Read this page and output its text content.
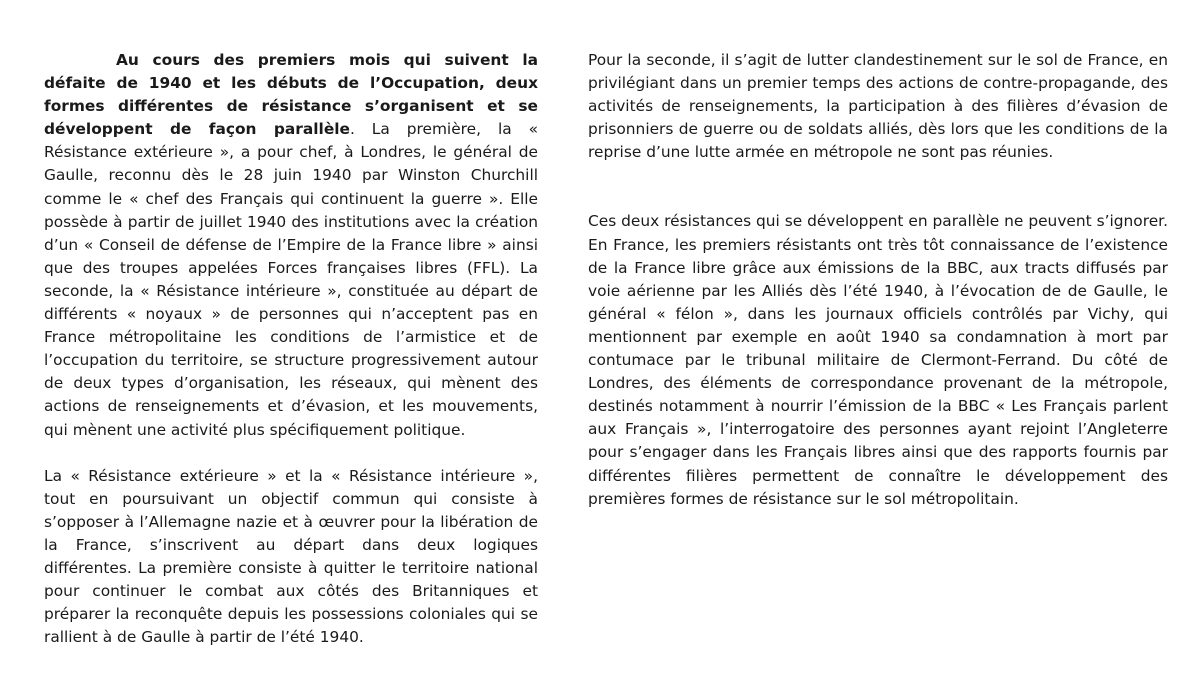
Au cours des premiers mois qui suivent la défaite de 1940 et les débuts de l’Occupation, deux formes différentes de résistance s’organisent et se développent de façon parallèle. La première, la « Résistance extérieure », a pour chef, à Londres, le général de Gaulle, reconnu dès le 28 juin 1940 par Winston Churchill comme le « chef des Français qui continuent la guerre ». Elle possède à partir de juillet 1940 des institutions avec la création d’un « Conseil de défense de l’Empire de la France libre » ainsi que des troupes appelées Forces françaises libres (FFL). La seconde, la « Résistance intérieure », constituée au départ de différents « noyaux » de personnes qui n’acceptent pas en France métropolitaine les conditions de l’armistice et de l’occupation du territoire, se structure progressivement autour de deux types d’organisation, les réseaux, qui mènent des actions de renseignements et d’évasion, et les mouvements, qui mènent une activité plus spécifiquement politique.

La « Résistance extérieure » et la « Résistance intérieure », tout en poursuivant un objectif commun qui consiste à s’opposer à l’Allemagne nazie et à œuvrer pour la libération de la France, s’inscrivent au départ dans deux logiques différentes. La première consiste à quitter le territoire national pour continuer le combat aux côtés des Britanniques et préparer la reconquête depuis les possessions coloniales qui se rallient à de Gaulle à partir de l’été 1940.

Pour la seconde, il s’agit de lutter clandestinement sur le sol de France, en privilégiant dans un premier temps des actions de contre-propagande, des activités de renseignements, la participation à des filières d’évasion de prisonniers de guerre ou de soldats alliés, dès lors que les conditions de la reprise d’une lutte armée en métropole ne sont pas réunies.

Ces deux résistances qui se développent en parallèle ne peuvent s’ignorer. En France, les premiers résistants ont très tôt connaissance de l’existence de la France libre grâce aux émissions de la BBC, aux tracts diffusés par voie aérienne par les Alliés dès l’été 1940, à l’évocation de de Gaulle, le général « félon », dans les journaux officiels contrôlés par Vichy, qui mentionnent par exemple en août 1940 sa condamnation à mort par contumace par le tribunal militaire de Clermont-Ferrand. Du côté de Londres, des éléments de correspondance provenant de la métropole, destinés notamment à nourrir l’émission de la BBC « Les Français parlent aux Français », l’interrogatoire des personnes ayant rejoint l’Angleterre pour s’engager dans les Français libres ainsi que des rapports fournis par différentes filières permettent de connaître le développement des premières formes de résistance sur le sol métropolitain.
